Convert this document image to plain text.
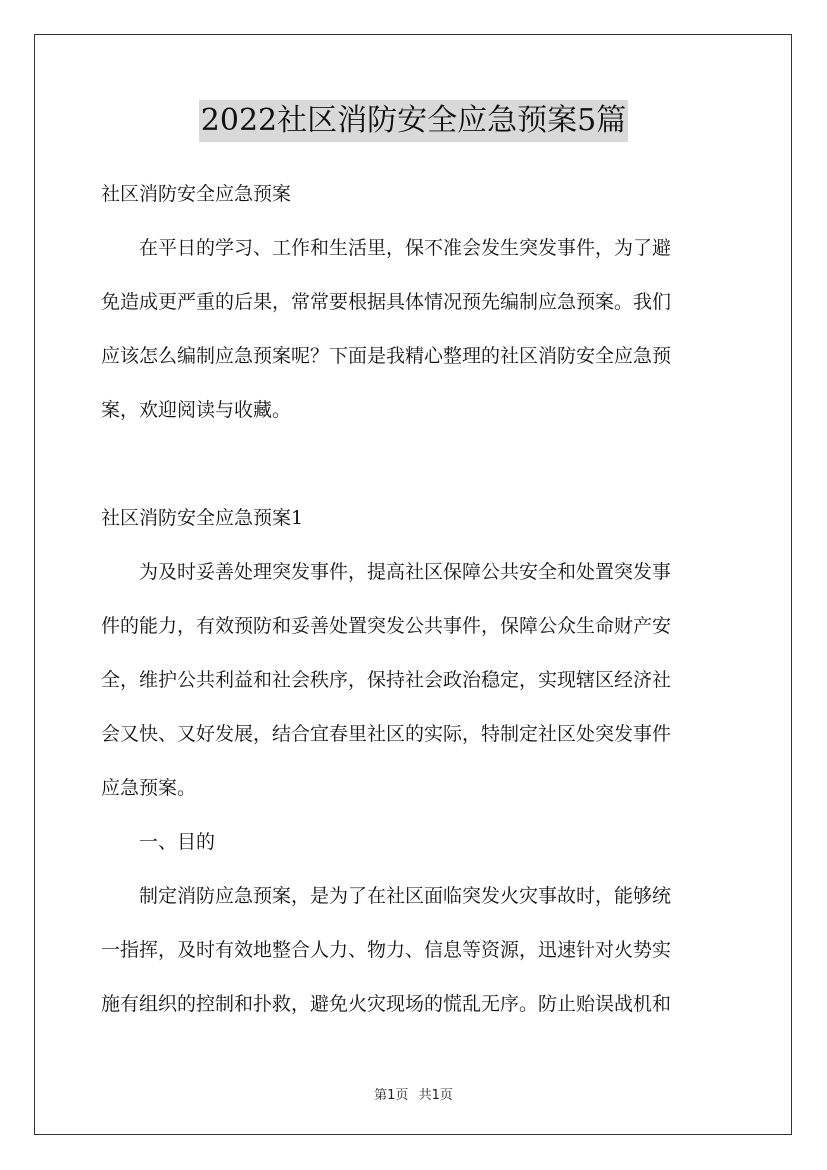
2022社区消防安全应急预案5篇

社区消防安全应急预案

在平日的学习、工作和生活里，保不准会发生突发事件，为了避

免造成更严重的后果，常常要根据具体情况预先编制应急预案。我们

应该怎么编制应急预案呢？下面是我精心整理的社区消防安全应急预

案，欢迎阅读与收藏。

社区消防安全应急预案1

为及时妥善处理突发事件，提高社区保障公共安全和处置突发事

件的能力，有效预防和妥善处置突发公共事件，保障公众生命财产安

全，维护公共利益和社会秩序，保持社会政治稳定，实现辖区经济社

会又快、又好发展，结合宜春里社区的实际，特制定社区处突发事件

应急预案。

一、目的

制定消防应急预案，是为了在社区面临突发火灾事故时，能够统

一指挥，及时有效地整合人力、物力、信息等资源，迅速针对火势实

施有组织的控制和扑救，避免火灾现场的慌乱无序。防止贻误战机和

第1页 共1页
